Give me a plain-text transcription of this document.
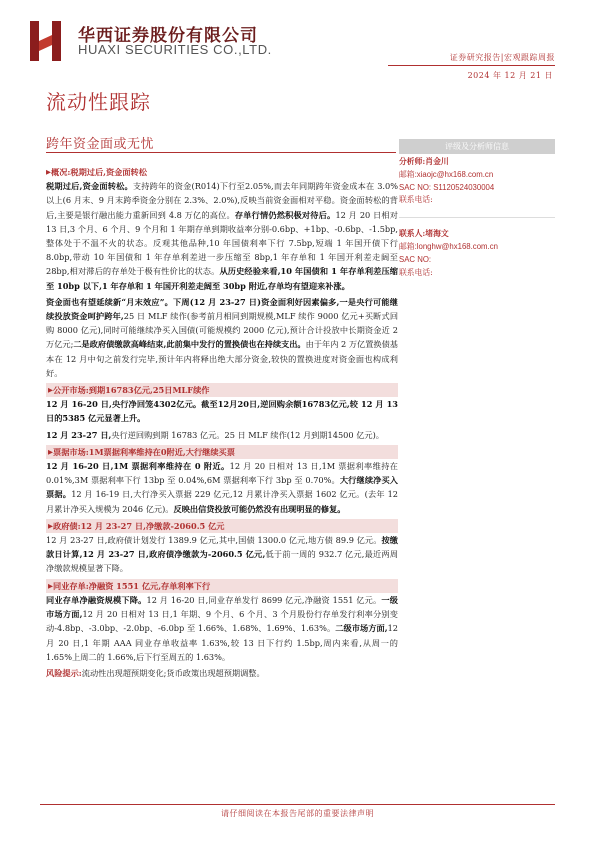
华西证券股份有限公司
HUAXI SECURITIES CO.,LTD.
证券研究报告|宏观跟踪周报
2024 年 12 月 21 日
流动性跟踪
跨年资金面或无忧	评级及分析师信息
分析师:肖金川
邮箱:xiaojc@hx168.com.cn
SAC NO: S1120524030004
联系电话:
联系人:堵海文
邮箱:longhw@hx168.com.cn
SAC NO:
联系电话:
▶ 概况:税期过后,资金面转松

税期过后,资金面转松。支持跨年的资金(R014)下行至2.05%,而去年同期跨年资金成本在 3.0%以上(6 月末、9 月末跨季资金分别在 2.3%、2.0%),反映当前资金面相对平稳。资金面转松的背后,主要是银行融出能力重新回到 4.8 万亿的高位。存单行情仍然积极对待后。12 月 20 日相对 13 日,3 个月、6 个月、9 个月和 1 年期存单到期收益率分别-0.6bp、+1bp、-0.6bp、-1.5bp,整体处于不温不火的状态。反观其他品种,10 年国债利率下行 7.5bp,短端 1 年国开债下行 8.0bp,带动 10 年国债和 1 年存单利差进一步压缩至 8bp,1 年存单和 1 年国开利差走阔至 28bp,相对滞后的存单处于极有性价比的状态。从历史经验来看,10 年国债和 1 年存单利差压缩至 10bp 以下,1 年存单和 1 年国开利差走阔至 30bp 附近,存单均有望迎来补涨。

资金面也有望延续新“月末效应”。下周(12 月 23-27 日)资金面利好因素偏多,一是央行可能继续投放资金呵护跨年,25 日 MLF 续作(参考前月相同到期规模,MLF 续作 9000 亿元+买断式回购 8000 亿元),同时可能继续净买入国债(可能规模约 2000 亿元),预计合计投放中长期资金近 2 万亿元;二是政府债缴款高峰结束,此前集中发行的置换债也在持续支出。由于年内 2 万亿置换债基本在 12 月中旬之前发行完毕,预计年内将释出绝大部分资金,较快的置换进度对资金面也构成利好。

▶ 公开市场:到期16783亿元,25日MLF续作

12 月 16-20 日,央行净回笼4302亿元。截至12月20日,逆回购余额16783亿元,较 12 月 13 日的5385 亿元显著上升。

12 月 23-27 日,央行逆回购到期 16783 亿元。25 日 MLF 续作(12 月到期14500 亿元)。

▶ 票据市场:1M票据利率维持在0附近,大行继续买票

12 月 16-20 日,1M 票据利率维持在 0 附近。12 月 20 日相对 13 日,1M 票据利率维持在 0.01%,3M 票据利率下行 13bp 至 0.04%,6M 票据利率下行 3bp 至 0.70%。大行继续净买入票据。12 月 16-19 日,大行净买入票据 229 亿元,12 月累计净买入票据 1602 亿元。(去年 12 月累计净买入规模为 2046 亿元)。反映出信贷投放可能仍然没有出现明显的修复。

▶ 政府债:12 月 23-27 日,净缴款-2060.5 亿元

12 月 23-27 日,政府债计划发行 1389.9 亿元,其中,国债 1300.0 亿元,地方债 89.9 亿元。按缴款日计算,12 月 23-27 日,政府债净缴款为-2060.5 亿元,低于前一周的 932.7 亿元,最近两周净缴款规模显著下降。

▶ 同业存单:净融资 1551 亿元,存单利率下行

同业存单净融资规模下降。12 月 16-20 日,同业存单发行 8699 亿元,净融资 1551 亿元。一级市场方面,12 月 20 日相对 13 日,1 年期、9 个月、6 个月、3 个月股份行存单发行利率分别变动-4.8bp、-3.0bp、-2.0bp、-6.0bp 至 1.66%、1.68%、1.69%、1.63%。二级市场方面,12 月 20 日,1 年期 AAA 同业存单收益率 1.63%,较 13 日下行约 1.5bp,周内来看,从周一的 1.65%上周二的 1.66%,后下行至周五的 1.63%。

风险提示:流动性出现超预期变化;货币政策出现超预期调整。

请仔细阅读在本报告尾部的重要法律声明
